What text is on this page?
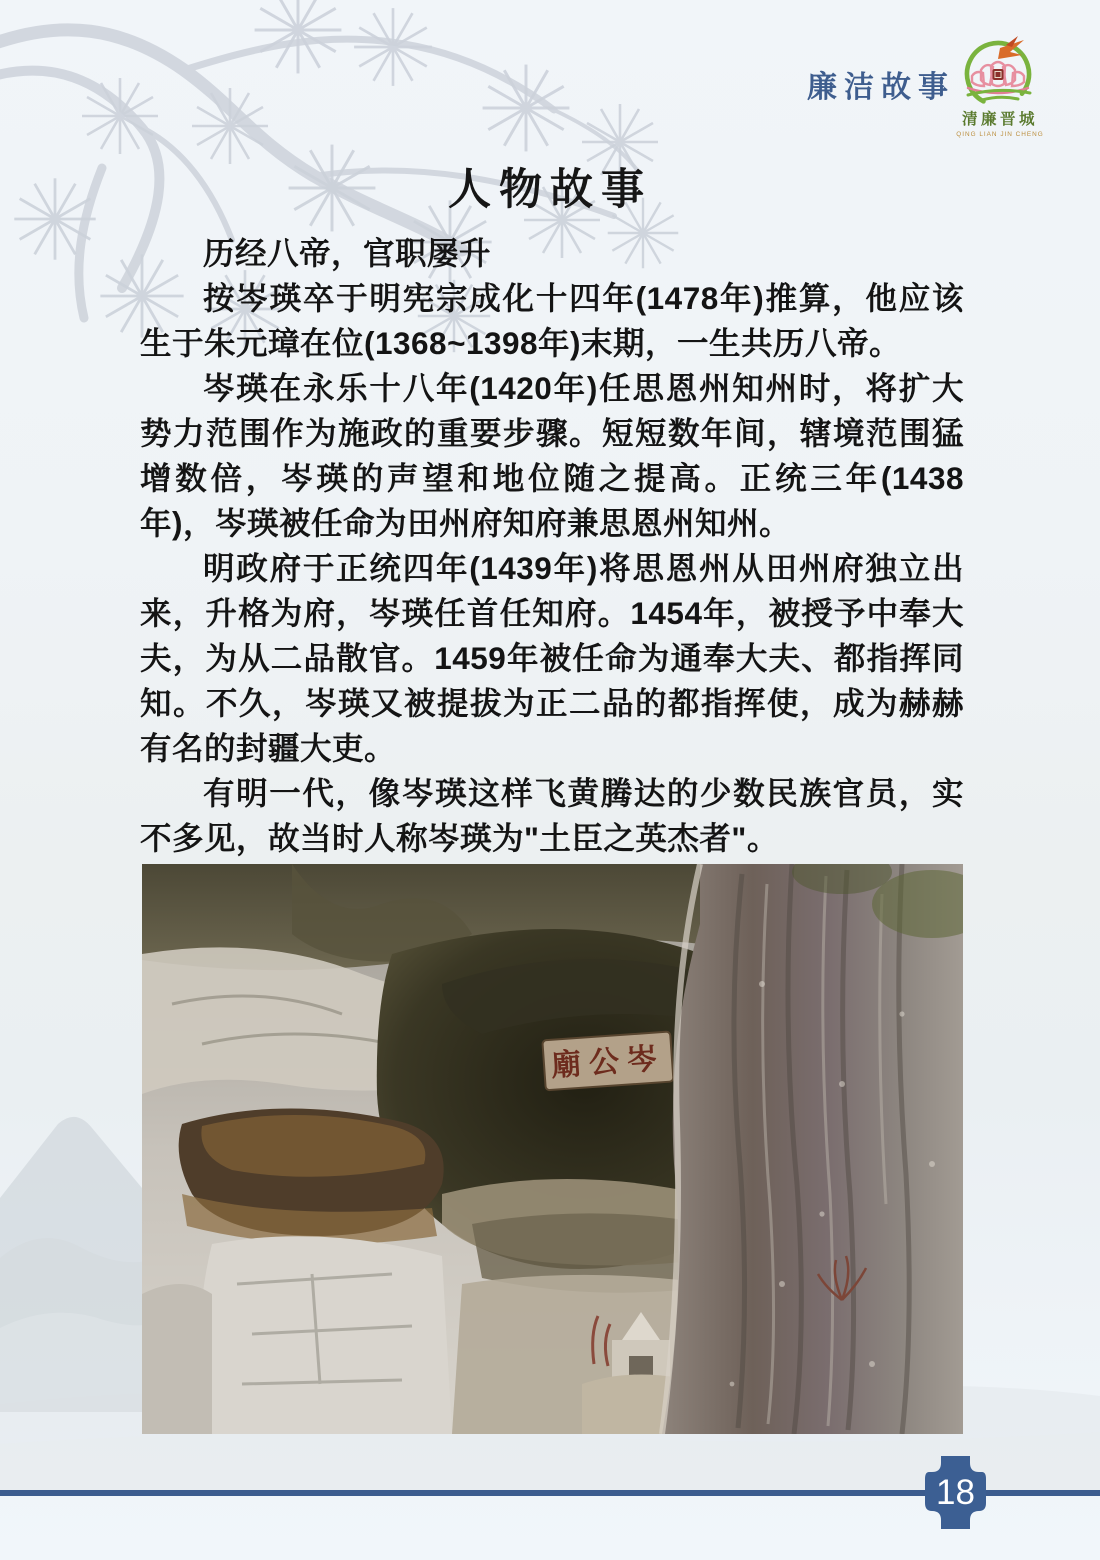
廉洁故事
清廉晋城
QING LIAN JIN CHENG
人物故事

历经八帝，官职屡升

按岑瑛卒于明宪宗成化十四年(1478年)推算，他应该生于朱元璋在位(1368~1398年)末期，一生共历八帝。

岑瑛在永乐十八年(1420年)任思恩州知州时，将扩大势力范围作为施政的重要步骤。短短数年间，辖境范围猛增数倍，岑瑛的声望和地位随之提高。正统三年(1438年)，岑瑛被任命为田州府知府兼思恩州知州。

明政府于正统四年(1439年)将思恩州从田州府独立出来，升格为府，岑瑛任首任知府。1454年，被授予中奉大夫，为从二品散官。1459年被任命为通奉大夫、都指挥同知。不久，岑瑛又被提拔为正二品的都指挥使，成为赫赫有名的封疆大吏。

有明一代，像岑瑛这样飞黄腾达的少数民族官员，实不多见，故当时人称岑瑛为"土臣之英杰者"。

廟公岑
18
